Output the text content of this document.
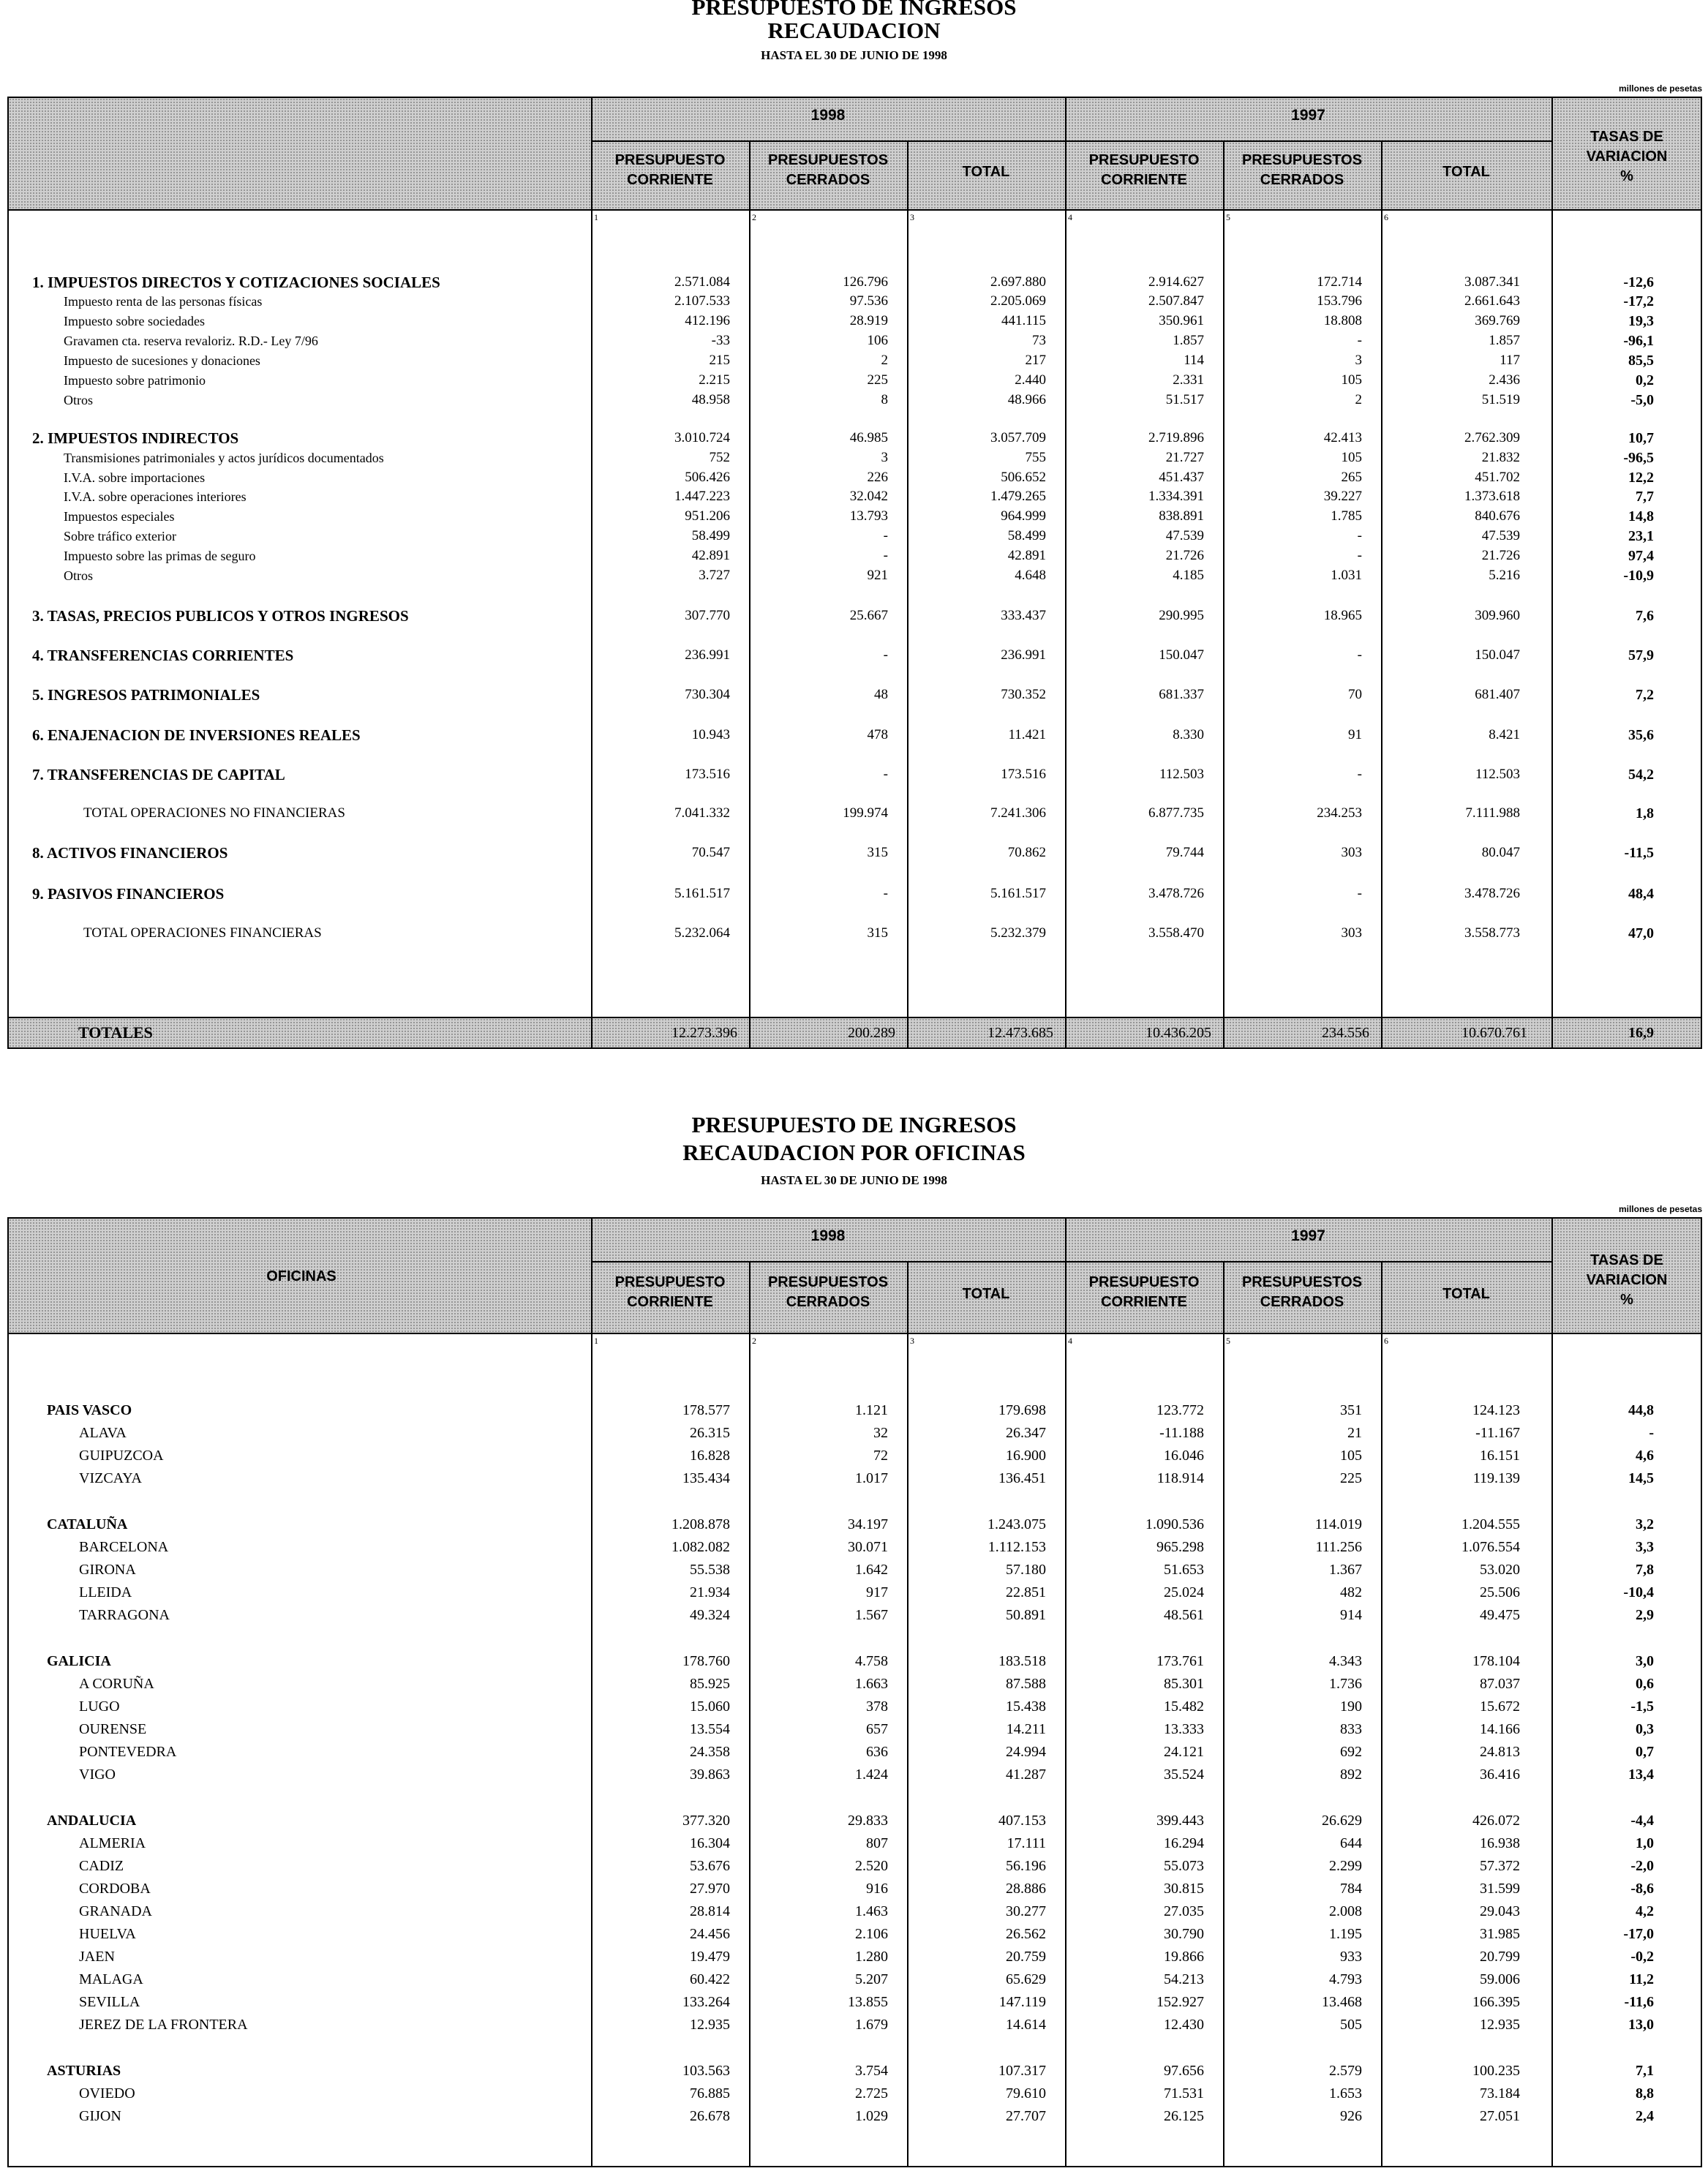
PRESUPUESTO DE INGRESOS
RECAUDACION
HASTA EL 30 DE JUNIO DE 1998
millones de pesetas
1998	1997
PRESUPUESTO
CORRIENTE
PRESUPUESTOS
CERRADOS	TOTAL
PRESUPUESTO
CORRIENTE
PRESUPUESTOS
CERRADOS	TOTAL
TASAS DE
VARIACION
%
1	2	3	4	5	6
1. IMPUESTOS DIRECTOS Y COTIZACIONES SOCIALES	2.571.084	126.796	2.697.880	2.914.627	172.714	3.087.341	-12,6
Impuesto renta de las personas físicas	2.107.533	97.536	2.205.069	2.507.847	153.796	2.661.643	-17,2
Impuesto sobre sociedades	412.196	28.919	441.115	350.961	18.808	369.769	19,3
Gravamen cta. reserva revaloriz. R.D.- Ley 7/96	-33	106	73	1.857	-	1.857	-96,1
Impuesto de sucesiones y donaciones	215	2	217	114	3	117	85,5
Impuesto sobre patrimonio	2.215	225	2.440	2.331	105	2.436	0,2
Otros	48.958	8	48.966	51.517	2	51.519	-5,0
2. IMPUESTOS INDIRECTOS	3.010.724	46.985	3.057.709	2.719.896	42.413	2.762.309	10,7
Transmisiones patrimoniales y actos jurídicos documentados	752	3	755	21.727	105	21.832	-96,5
I.V.A. sobre importaciones	506.426	226	506.652	451.437	265	451.702	12,2
I.V.A. sobre operaciones interiores	1.447.223	32.042	1.479.265	1.334.391	39.227	1.373.618	7,7
Impuestos especiales	951.206	13.793	964.999	838.891	1.785	840.676	14,8
Sobre tráfico exterior	58.499	-	58.499	47.539	-	47.539	23,1
Impuesto sobre las primas de seguro	42.891	-	42.891	21.726	-	21.726	97,4
Otros	3.727	921	4.648	4.185	1.031	5.216	-10,9
3. TASAS, PRECIOS PUBLICOS Y OTROS INGRESOS	307.770	25.667	333.437	290.995	18.965	309.960	7,6
4. TRANSFERENCIAS CORRIENTES	236.991	-	236.991	150.047	-	150.047	57,9
5. INGRESOS PATRIMONIALES	730.304	48	730.352	681.337	70	681.407	7,2
6. ENAJENACION DE INVERSIONES REALES	10.943	478	11.421	8.330	91	8.421	35,6
7. TRANSFERENCIAS DE CAPITAL	173.516	-	173.516	112.503	-	112.503	54,2
TOTAL OPERACIONES NO FINANCIERAS	7.041.332	199.974	7.241.306	6.877.735	234.253	7.111.988	1,8
8. ACTIVOS FINANCIEROS	70.547	315	70.862	79.744	303	80.047	-11,5
9. PASIVOS FINANCIEROS	5.161.517	-	5.161.517	3.478.726	-	3.478.726	48,4
TOTAL OPERACIONES FINANCIERAS	5.232.064	315	5.232.379	3.558.470	303	3.558.773	47,0
TOTALES	12.273.396	200.289	12.473.685	10.436.205	234.556	10.670.761	16,9
PRESUPUESTO DE INGRESOS
RECAUDACION POR OFICINAS
HASTA EL 30 DE JUNIO DE 1998
millones de pesetas
OFICINAS
1998	1997
PRESUPUESTO
CORRIENTE
PRESUPUESTOS
CERRADOS	TOTAL
PRESUPUESTO
CORRIENTE
PRESUPUESTOS
CERRADOS	TOTAL
TASAS DE
VARIACION
%
1	2	3	4	5	6
PAIS VASCO	178.577	1.121	179.698	123.772	351	124.123	44,8
ALAVA	26.315	32	26.347	-11.188	21	-11.167	-
GUIPUZCOA	16.828	72	16.900	16.046	105	16.151	4,6
VIZCAYA	135.434	1.017	136.451	118.914	225	119.139	14,5
CATALUÑA	1.208.878	34.197	1.243.075	1.090.536	114.019	1.204.555	3,2
BARCELONA	1.082.082	30.071	1.112.153	965.298	111.256	1.076.554	3,3
GIRONA	55.538	1.642	57.180	51.653	1.367	53.020	7,8
LLEIDA	21.934	917	22.851	25.024	482	25.506	-10,4
TARRAGONA	49.324	1.567	50.891	48.561	914	49.475	2,9
GALICIA	178.760	4.758	183.518	173.761	4.343	178.104	3,0
A CORUÑA	85.925	1.663	87.588	85.301	1.736	87.037	0,6
LUGO	15.060	378	15.438	15.482	190	15.672	-1,5
OURENSE	13.554	657	14.211	13.333	833	14.166	0,3
PONTEVEDRA	24.358	636	24.994	24.121	692	24.813	0,7
VIGO	39.863	1.424	41.287	35.524	892	36.416	13,4
ANDALUCIA	377.320	29.833	407.153	399.443	26.629	426.072	-4,4
ALMERIA	16.304	807	17.111	16.294	644	16.938	1,0
CADIZ	53.676	2.520	56.196	55.073	2.299	57.372	-2,0
CORDOBA	27.970	916	28.886	30.815	784	31.599	-8,6
GRANADA	28.814	1.463	30.277	27.035	2.008	29.043	4,2
HUELVA	24.456	2.106	26.562	30.790	1.195	31.985	-17,0
JAEN	19.479	1.280	20.759	19.866	933	20.799	-0,2
MALAGA	60.422	5.207	65.629	54.213	4.793	59.006	11,2
SEVILLA	133.264	13.855	147.119	152.927	13.468	166.395	-11,6
JEREZ DE LA FRONTERA	12.935	1.679	14.614	12.430	505	12.935	13,0
ASTURIAS	103.563	3.754	107.317	97.656	2.579	100.235	7,1
OVIEDO	76.885	2.725	79.610	71.531	1.653	73.184	8,8
GIJON	26.678	1.029	27.707	26.125	926	27.051	2,4
